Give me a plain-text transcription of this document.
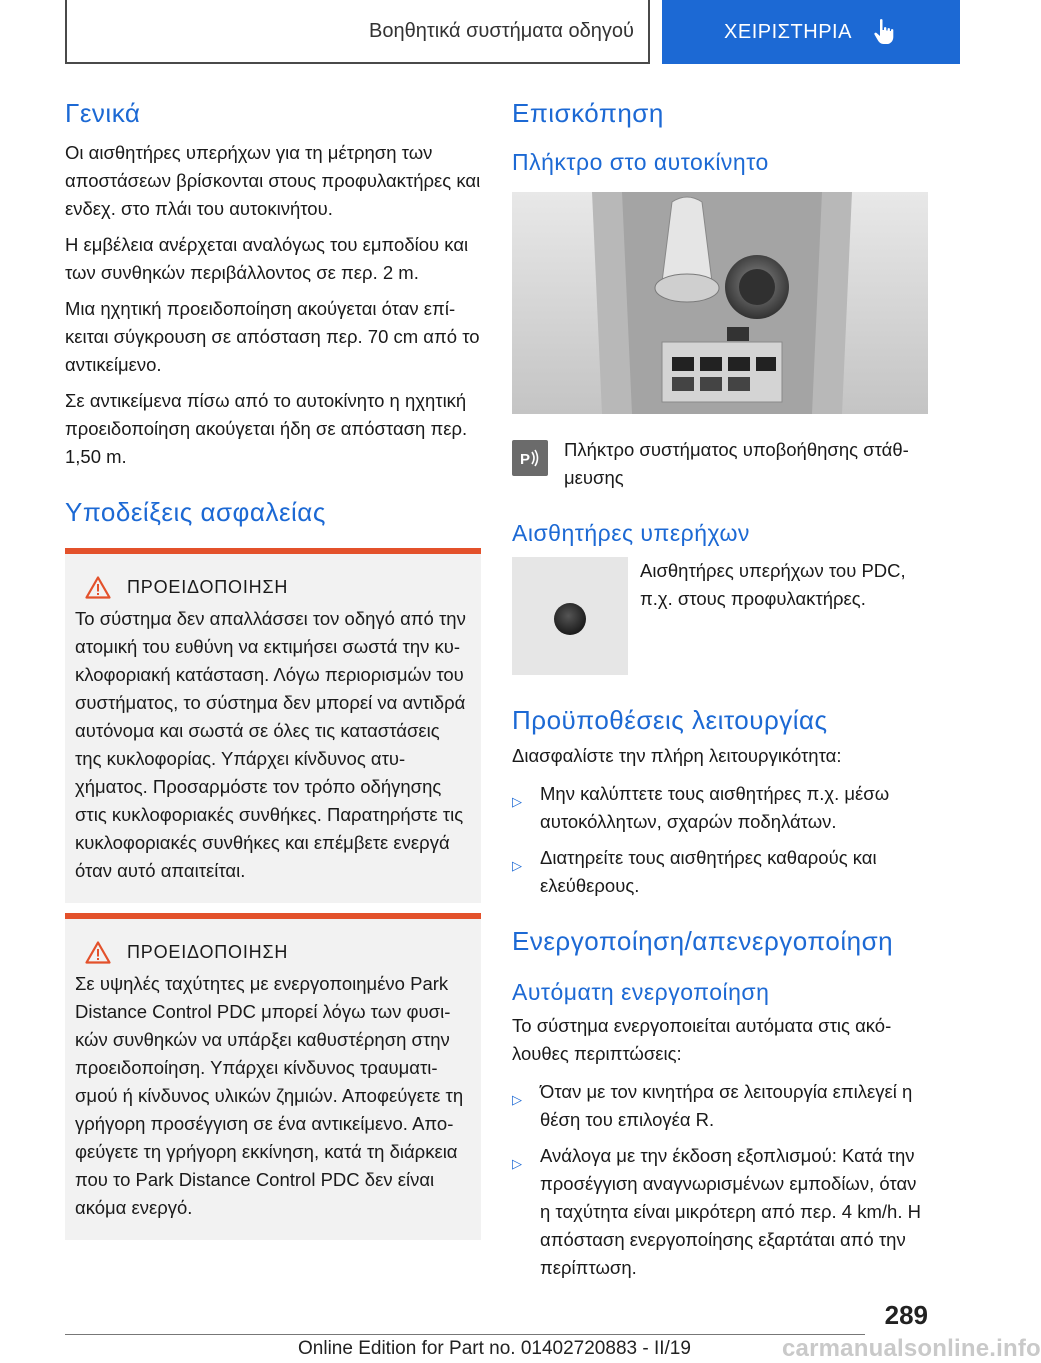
Βοηθητικά συστήματα οδηγού	ΧΕΙΡΙΣΤΗΡΙΑ
Γενικά

Οι αισθητήρες υπερήχων για τη μέτρηση των αποστάσεων βρίσκονται στους προφυλακτήρες και ενδεχ. στο πλάι του αυτοκινήτου.

Η εμβέλεια ανέρχεται αναλόγως του εμποδίου και των συνθηκών περιβάλλοντος σε περ. 2 m.

Μια ηχητική προειδοποίηση ακούγεται όταν επίκειται σύγκρουση σε απόσταση περ. 70 cm από το αντικείμενο.

Σε αντικείμενα πίσω από το αυτοκίνητο η ηχητική προειδοποίηση ακούγεται ήδη σε απόσταση περ. 1,50 m.

Υποδείξεις ασφαλείας
ΠΡΟΕΙΔΟΠΟΙΗΣΗ

Το σύστημα δεν απαλλάσσει τον οδηγό από την ατομική του ευθύνη να εκτιμήσει σωστά την κυκλοφοριακή κατάσταση. Λόγω περιορισμών του συστήματος, το σύστημα δεν μπορεί να αντιδρά αυτόνομα και σωστά σε όλες τις καταστάσεις της κυκλοφορίας. Υπάρχει κίνδυνος ατυχήματος. Προσαρμόστε τον τρόπο οδήγησης στις κυκλοφοριακές συνθήκες. Παρατηρήστε τις κυκλοφοριακές συνθήκες και επέμβετε ενεργά όταν αυτό απαιτείται.

ΠΡΟΕΙΔΟΠΟΙΗΣΗ

Σε υψηλές ταχύτητες με ενεργοποιημένο Park Distance Control PDC μπορεί λόγω των φυσικών συνθηκών να υπάρξει καθυστέρηση στην προειδοποίηση. Υπάρχει κίνδυνος τραυματισμού ή κίνδυνος υλικών ζημιών. Αποφεύγετε τη γρήγορη προσέγγιση σε ένα αντικείμενο. Αποφεύγετε τη γρήγορη εκκίνηση, κατά τη διάρκεια που το Park Distance Control PDC δεν είναι ακόμα ενεργό.

Επισκόπηση
Πλήκτρο στο αυτοκίνητο
P Πλήκτρο συστήματος υποβοήθησης στάθμευσης

Αισθητήρες υπερήχων

Αισθητήρες υπερήχων του PDC, π.χ. στους προφυλακτήρες.

Προϋποθέσεις λειτουργίας

Διασφαλίστε την πλήρη λειτουργικότητα:

▷ Μην καλύπτετε τους αισθητήρες π.χ. μέσω αυτοκόλλητων, σχαρών ποδηλάτων.
▷ Διατηρείτε τους αισθητήρες καθαρούς και ελεύθερους.
Ενεργοποίηση/απενεργοποίηση
Αυτόματη ενεργοποίηση

Το σύστημα ενεργοποιείται αυτόματα στις ακόλουθες περιπτώσεις:

▷ Όταν με τον κινητήρα σε λειτουργία επιλεγεί η θέση του επιλογέα R.
▷ Ανάλογα με την έκδοση εξοπλισμού: Κατά την προσέγγιση αναγνωρισμένων εμποδίων, όταν η ταχύτητα είναι μικρότερη από περ. 4 km/h. Η απόσταση ενεργοποίησης εξαρτάται από την περίπτωση.
289
Online Edition for Part no. 01402720883 - II/19	carmanualsonline.info
